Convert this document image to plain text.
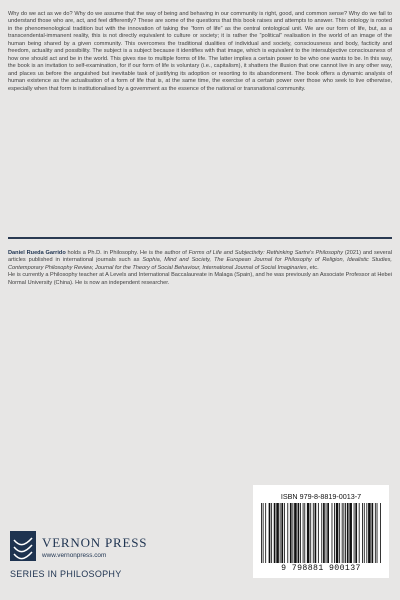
Why do we act as we do? Why do we assume that the way of being and behaving in our community is right, good, and common sense? Why do we fail to understand those who are, act, and feel differently? These are some of the questions that this book raises and attempts to answer. This ontology is rooted in the phenomenological tradition but with the innovation of taking the “form of life” as the central ontological unit. We are our form of life, but, as a transcendental-immanent reality, this is not directly equivalent to culture or society; it is rather the “political” realisation in the world of an image of the human being shared by a given community. This overcomes the traditional dualities of individual and society, consciousness and body, facticity and freedom, actuality and possibility. The subject is a subject because it identifies with that image, which is equivalent to the intersubjective consciousness of how one should act and be in the world. This gives rise to multiple forms of life. The latter implies a certain power to be who one wants to be. In this way, the book is an invitation to self-examination, for if our form of life is voluntary (i.e., capitalism), it shatters the illusion that one cannot live in any other way, and places us before the anguished but inevitable task of justifying its adoption or resorting to its abandonment. The book offers a dynamic analysis of human existence as the actualisation of a form of life that is, at the same time, the exercise of a certain power over those who seek to live otherwise, especially when that form is institutionalised by a government as the essence of the national or transnational community.

Daniel Rueda Garrido holds a Ph.D. in Philosophy. He is the author of Forms of Life and Subjectivity: Rethinking Sartre's Philosophy (2021) and several articles published in international journals such as Sophia, Mind and Society, The European Journal for Philosophy of Religion, Idealistic Studies, Contemporary Philosophy Review, Journal for the Theory of Social Behaviour, International Journal of Social Imaginaries, etc.

He is currently a Philosophy teacher at A Levels and International Baccalaureate in Malaga (Spain), and he was previously an Associate Professor at Hebei Normal University (China). He is now an independent researcher.

ISBN 979-8-8819-0013-7
9 798881 900137
VERNON PRESS
www.vernonpress.com
SERIES IN PHILOSOPHY
